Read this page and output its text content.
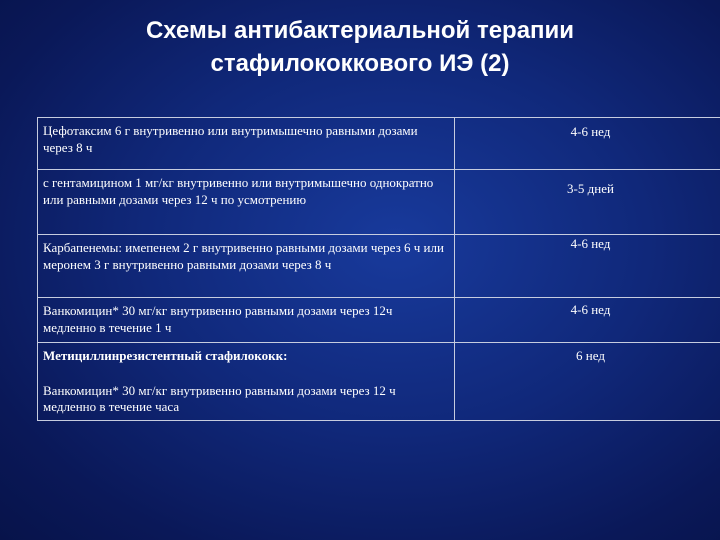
Схемы антибактериальной терапии
стафилококкового ИЭ (2)
Цефотаксим 6 г внутривенно или внутримышечно равными дозами через 8 ч	4-6 нед

с гентамицином 1 мг/кг внутривенно или внутримышечно однократно или равными дозами через 12 ч по усмотрению	3-5 дней

Карбапенемы: имепенем 2 г внутривенно равными дозами через 6 ч или меронем 3 г внутривенно равными дозами через 8 ч	4-6 нед

Ванкомицин* 30 мг/кг внутривенно равными дозами через 12ч медленно в течение 1 ч	4-6 нед

Метициллинрезистентный стафилококк:
Ванкомицин* 30 мг/кг внутривенно равными дозами через 12 ч медленно в течение часа	6 нед
